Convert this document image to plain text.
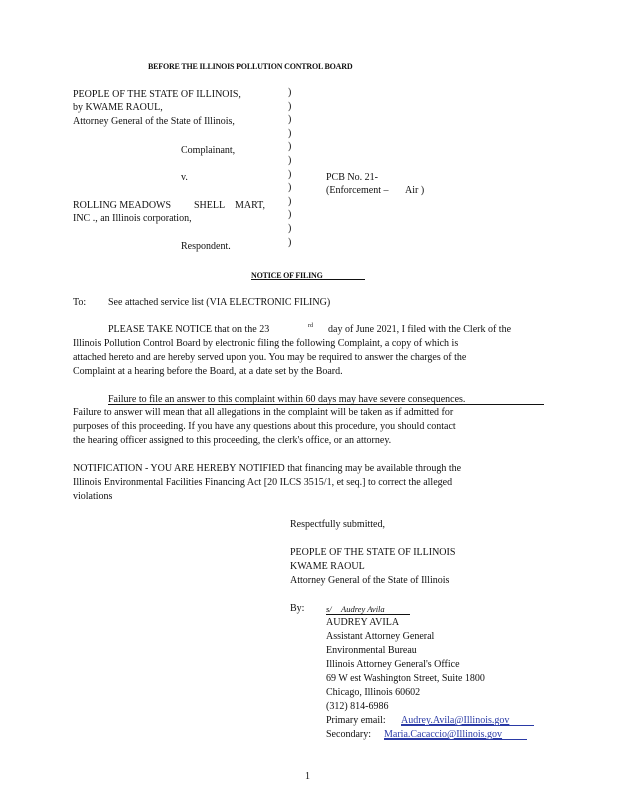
BEFORE THE ILLINOIS POLLUTION CONTROL BOARD
PEOPLE OF THE STATE OF ILLINOIS,
by KWAME RAOUL,
Attorney General of the State of Illinois,
Complainant,
v.
ROLLING MEADOWS SHELL MART,
INC ., an Illinois corporation,
Respondent.
)
)
)
)
)
)
)
)
)
)
)
)
PCB No. 21-
(Enforcement – Air )
NOTICE OF FILING
To: See attached service list (VIA ELECTRONIC FILING)
PLEASE TAKE NOTICE that on the 23	rd day of June 2021, I filed with the Clerk of the
Illinois Pollution Control Board by electronic filing the following Complaint, a copy of which is
attached hereto and are hereby served upon you. You may be required to answer the charges of the
Complaint at a hearing before the Board, at a date set by the Board.
Failure to file an answer to this complaint within 60 days may have severe consequences.
Failure to answer will mean that all allegations in the complaint will be taken as if admitted for
purposes of this proceeding. If you have any questions about this procedure, you should contact
the hearing officer assigned to this proceeding, the clerk's office, or an attorney.
NOTIFICATION - YOU ARE HEREBY NOTIFIED that financing may be available through the
Illinois Environmental Facilities Financing Act [20 ILCS 3515/1, et seq.] to correct the alleged
violations
Respectfully submitted,
PEOPLE OF THE STATE OF ILLINOIS
KWAME RAOUL
Attorney General of the State of Illinois
By:	s/ Audrey Avila
AUDREY AVILA
Assistant Attorney General
Environmental Bureau
Illinois Attorney General's Office
69 W est Washington Street, Suite 1800
Chicago, Illinois 60602
(312) 814-6986
Primary email: Audrey.Avila@Illinois.gov
Secondary: Maria.Cacaccio@Illinois.gov
1
